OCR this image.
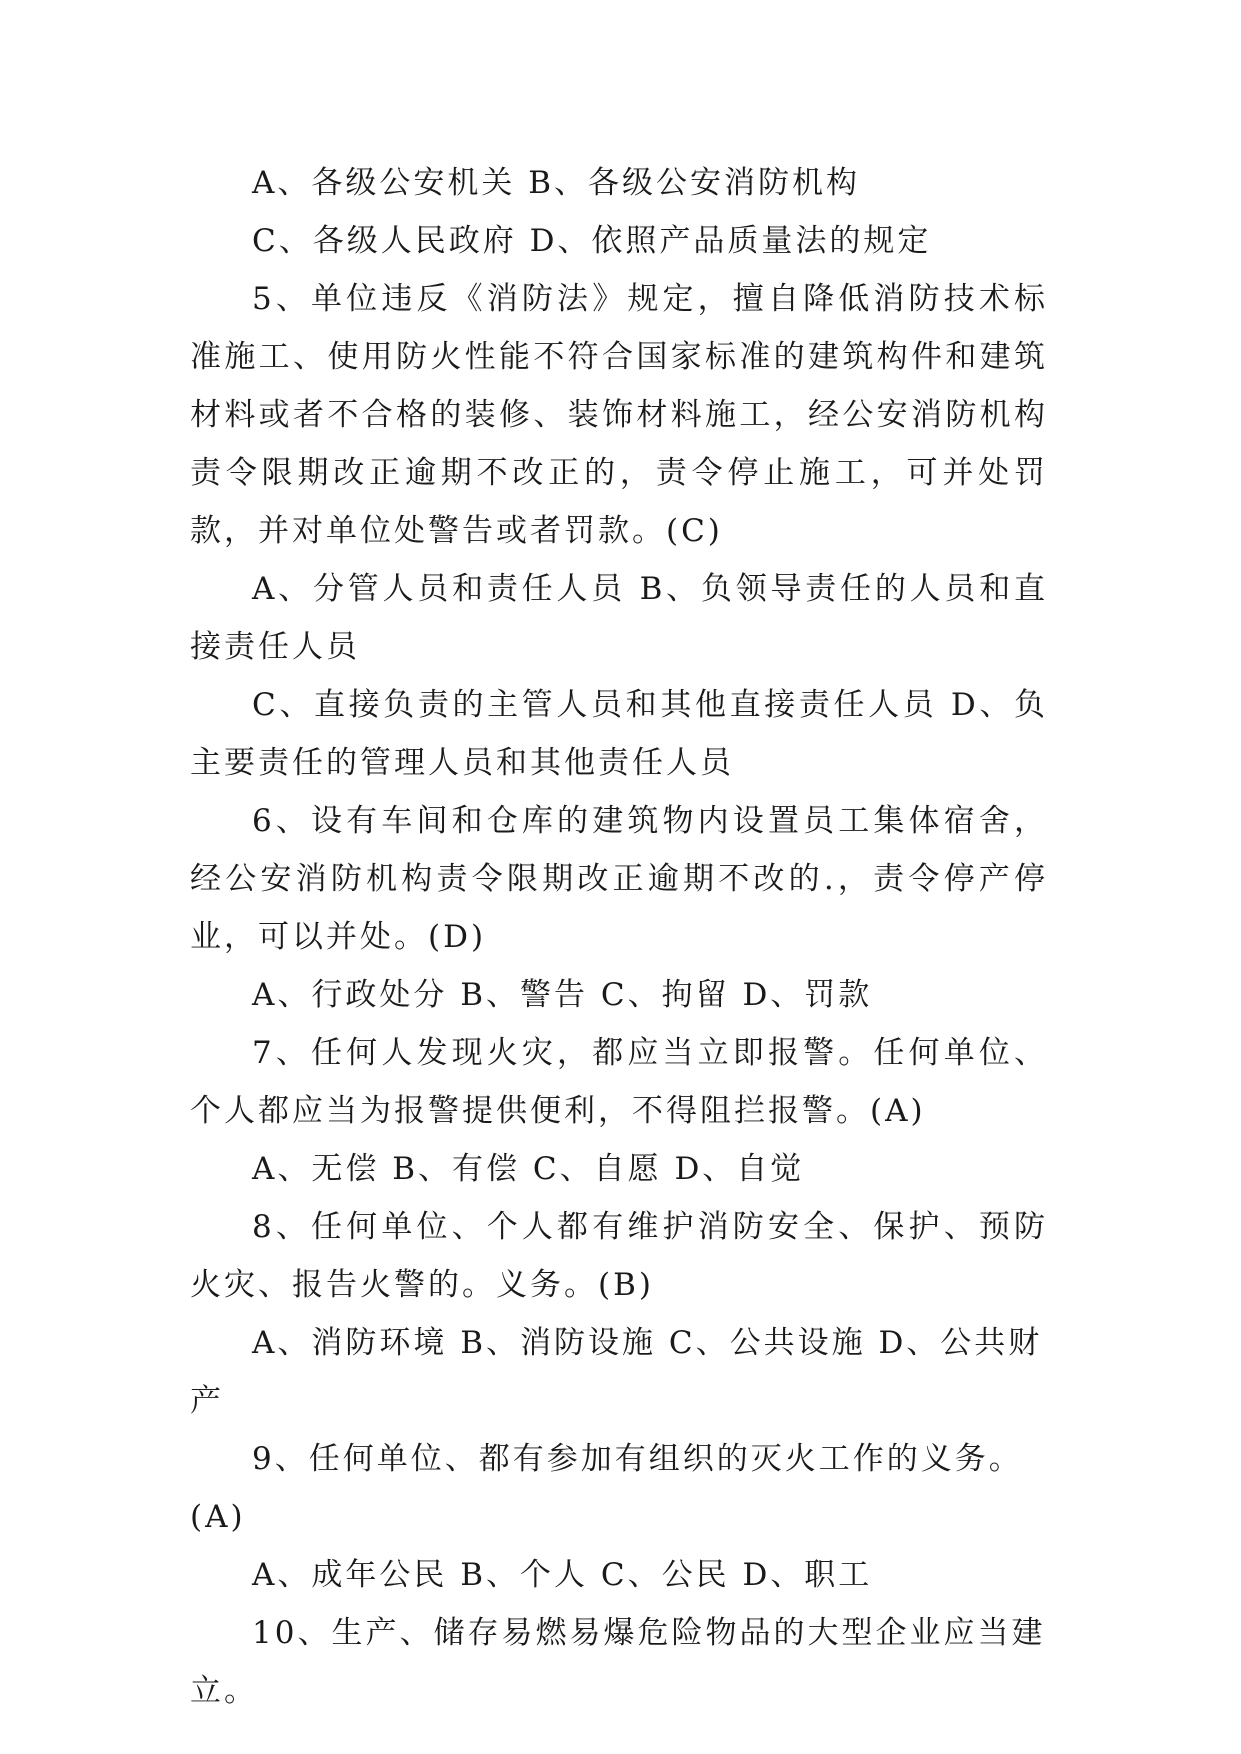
A、各级公安机关 B、各级公安消防机构

C、各级人民政府 D、依照产品质量法的规定

5、单位违反《消防法》规定，擅自降低消防技术标准施工、使用防火性能不符合国家标准的建筑构件和建筑材料或者不合格的装修、装饰材料施工，经公安消防机构责令限期改正逾期不改正的，责令停止施工，可并处罚款，并对单位处警告或者罚款。(C)

A、分管人员和责任人员 B、负领导责任的人员和直接责任人员

C、直接负责的主管人员和其他直接责任人员 D、负主要责任的管理人员和其他责任人员

6、设有车间和仓库的建筑物内设置员工集体宿舍，经公安消防机构责令限期改正逾期不改的.，责令停产停业，可以并处。(D)

A、行政处分 B、警告 C、拘留 D、罚款

7、任何人发现火灾，都应当立即报警。任何单位、个人都应当为报警提供便利，不得阻拦报警。(A)

A、无偿 B、有偿 C、自愿 D、自觉

8、任何单位、个人都有维护消防安全、保护、预防火灾、报告火警的。义务。(B)

A、消防环境 B、消防设施 C、公共设施 D、公共财产

9、任何单位、都有参加有组织的灭火工作的义务。(A)

A、成年公民 B、个人 C、公民 D、职工

10、生产、储存易燃易爆危险物品的大型企业应当建立。
